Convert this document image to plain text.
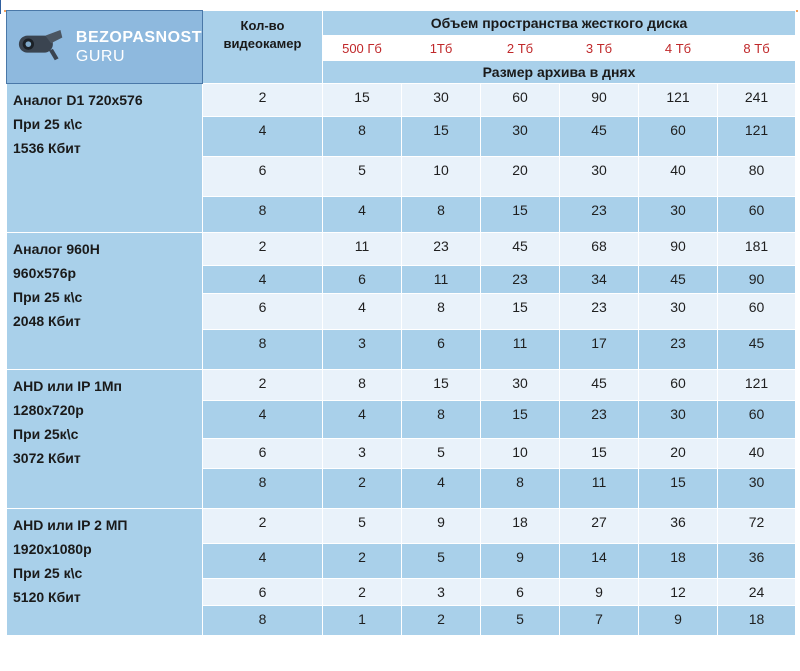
BEZOPASNOST
GURU	Кол-во видеокамер	Объем пространства жесткого диска					
		500 Гб	1Тб	2 Тб	3 Тб	4 Тб	8 Тб
		Размер архива в днях					

Аналог D1 720x576
При 25 к\с
1536 Кбит	2	15	30	60	90	121	241
	4	8	15	30	45	60	121
	6	5	10	20	30	40	80
	8	4	8	15	23	30	60

Аналог 960H
960x576p
При 25 к\с
2048 Кбит	2	11	23	45	68	90	181
	4	6	11	23	34	45	90
	6	4	8	15	23	30	60
	8	3	6	11	17	23	45

AHD или IP 1Мп
1280x720p
При 25к\с
3072 Кбит	2	8	15	30	45	60	121
	4	4	8	15	23	30	60
	6	3	5	10	15	20	40
	8	2	4	8	11	15	30

AHD или IP 2 МП
1920x1080p
При 25 к\с
5120 Кбит	2	5	9	18	27	36	72
	4	2	5	9	14	18	36
	6	2	3	6	9	12	24
	8	1	2	5	7	9	18
